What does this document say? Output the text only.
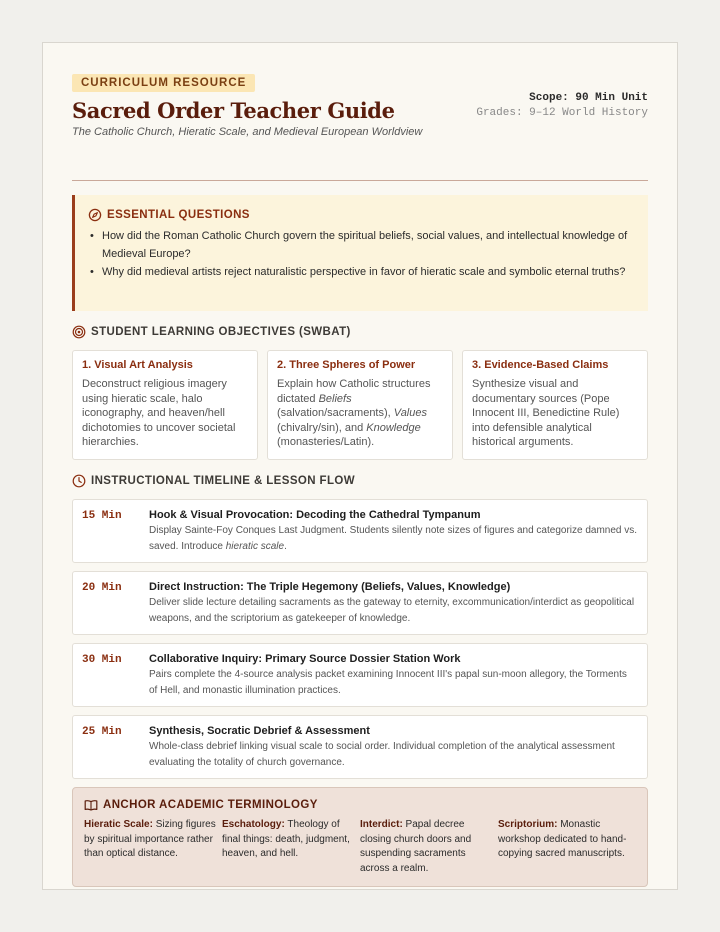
CURRICULUM RESOURCE
Sacred Order Teacher Guide
The Catholic Church, Hieratic Scale, and Medieval European Worldview
Scope: 90 Min Unit
Grades: 9–12 World History
ESSENTIAL QUESTIONS
• How did the Roman Catholic Church govern the spiritual beliefs, social values, and intellectual knowledge of Medieval Europe?
• Why did medieval artists reject naturalistic perspective in favor of hieratic scale and symbolic eternal truths?
STUDENT LEARNING OBJECTIVES (SWBAT)
1. Visual Art Analysis
Deconstruct religious imagery using hieratic scale, halo iconography, and heaven/hell dichotomies to uncover societal hierarchies.
2. Three Spheres of Power
Explain how Catholic structures dictated Beliefs (salvation/sacraments), Values (chivalry/sin), and Knowledge (monasteries/Latin).
3. Evidence-Based Claims
Synthesize visual and documentary sources (Pope Innocent III, Benedictine Rule) into defensible analytical historical arguments.
INSTRUCTIONAL TIMELINE & LESSON FLOW
15 Min	Hook & Visual Provocation: Decoding the Cathedral Tympanum
Display Sainte-Foy Conques Last Judgment. Students silently note sizes of figures and categorize damned vs. saved. Introduce hieratic scale.
20 Min	Direct Instruction: The Triple Hegemony (Beliefs, Values, Knowledge)
Deliver slide lecture detailing sacraments as the gateway to eternity, excommunication/interdict as geopolitical weapons, and the scriptorium as gatekeeper of knowledge.
30 Min	Collaborative Inquiry: Primary Source Dossier Station Work
Pairs complete the 4-source analysis packet examining Innocent III's papal sun-moon allegory, the Torments of Hell, and monastic illumination practices.
25 Min	Synthesis, Socratic Debrief & Assessment
Whole-class debrief linking visual scale to social order. Individual completion of the analytical assessment evaluating the totality of church governance.
ANCHOR ACADEMIC TERMINOLOGY
Hieratic Scale: Sizing figures by spiritual importance rather than optical distance.
Eschatology: Theology of final things: death, judgment, heaven, and hell.
Interdict: Papal decree closing church doors and suspending sacraments across a realm.
Scriptorium: Monastic workshop dedicated to hand-copying sacred manuscripts.
